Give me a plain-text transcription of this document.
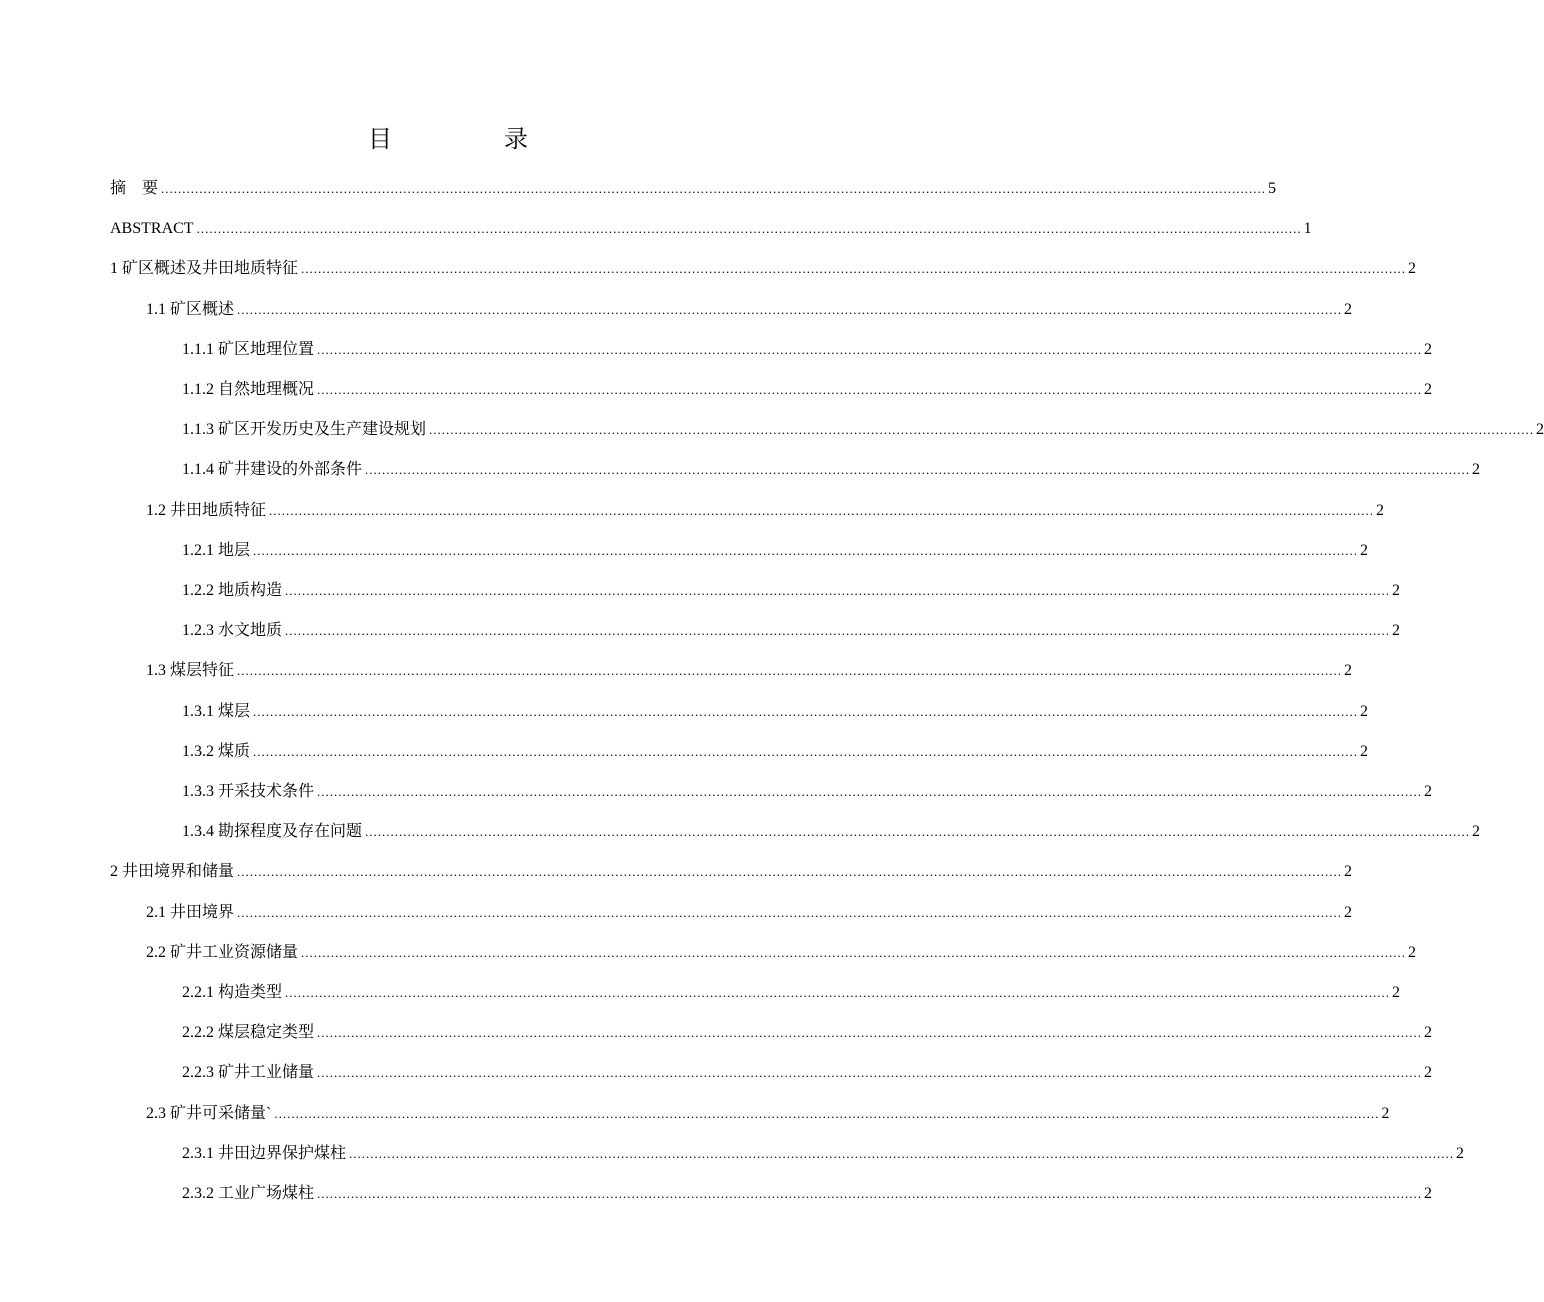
目　录
摘　要 .................................................................................................................................................................................................................................................................... 5
ABSTRACT .................................................................................................................................................................................................................................................................... 1
1 矿区概述及井田地质特征 .................................................................................................................................................................................................................................................................... 2
1.1 矿区概述 .................................................................................................................................................................................................................................................................... 2
1.1.1 矿区地理位置 .................................................................................................................................................................................................................................................................... 2
1.1.2 自然地理概况 .................................................................................................................................................................................................................................................................... 2
1.1.3 矿区开发历史及生产建设规划 .................................................................................................................................................................................................................................................................... 2
1.1.4 矿井建设的外部条件 .................................................................................................................................................................................................................................................................... 2
1.2 井田地质特征 .................................................................................................................................................................................................................................................................... 2
1.2.1 地层 .................................................................................................................................................................................................................................................................... 2
1.2.2 地质构造 .................................................................................................................................................................................................................................................................... 2
1.2.3 水文地质 .................................................................................................................................................................................................................................................................... 2
1.3 煤层特征 .................................................................................................................................................................................................................................................................... 2
1.3.1 煤层 .................................................................................................................................................................................................................................................................... 2
1.3.2 煤质 .................................................................................................................................................................................................................................................................... 2
1.3.3 开采技术条件 .................................................................................................................................................................................................................................................................... 2
1.3.4 勘探程度及存在问题 .................................................................................................................................................................................................................................................................... 2
2 井田境界和储量 .................................................................................................................................................................................................................................................................... 2
2.1 井田境界 .................................................................................................................................................................................................................................................................... 2
2.2 矿井工业资源储量 .................................................................................................................................................................................................................................................................... 2
2.2.1 构造类型 .................................................................................................................................................................................................................................................................... 2
2.2.2 煤层稳定类型 .................................................................................................................................................................................................................................................................... 2
2.2.3 矿井工业储量 .................................................................................................................................................................................................................................................................... 2
2.3 矿井可采储量` .................................................................................................................................................................................................................................................................... 2
2.3.1 井田边界保护煤柱 .................................................................................................................................................................................................................................................................... 2
2.3.2 工业广场煤柱 .................................................................................................................................................................................................................................................................... 2
